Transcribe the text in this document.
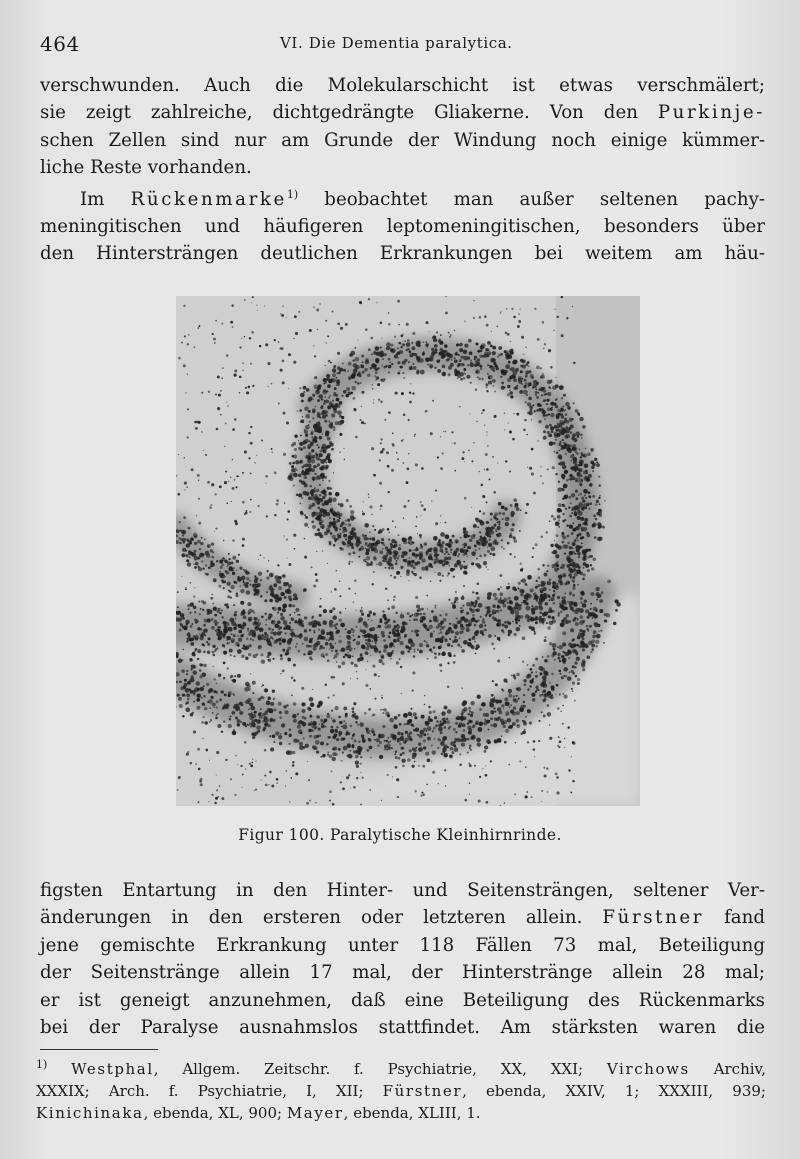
464	VI. Die Dementia paralytica.
verschwunden. Auch die Molekularschicht ist etwas verschmälert;
sie zeigt zahlreiche, dichtgedrängte Gliakerne. Von den Purkinje-
schen Zellen sind nur am Grunde der Windung noch einige kümmer-
liche Reste vorhanden.
Im Rückenmarke$^{1)}$ beobachtet man außer seltenen pachy-
meningitischen und häufigeren leptomeningitischen, besonders über
den Hintersträngen deutlichen Erkrankungen bei weitem am häu-
Figur 100. Paralytische Kleinhirnrinde.
figsten Entartung in den Hinter- und Seitensträngen, seltener Ver-
änderungen in den ersteren oder letzteren allein. Fürstner fand
jene gemischte Erkrankung unter 118 Fällen 73 mal, Beteiligung
der Seitenstränge allein 17 mal, der Hinterstränge allein 28 mal;
er ist geneigt anzunehmen, daß eine Beteiligung des Rückenmarks
bei der Paralyse ausnahmslos stattfindet. Am stärksten waren die
$^{1)}$ Westphal, Allgem. Zeitschr. f. Psychiatrie, XX, XXI; Virchows Archiv,
XXXIX; Arch. f. Psychiatrie, I, XII; Fürstner, ebenda, XXIV, 1; XXXIII, 939;
Kinichinaka, ebenda, XL, 900; Mayer, ebenda, XLIII, 1.
